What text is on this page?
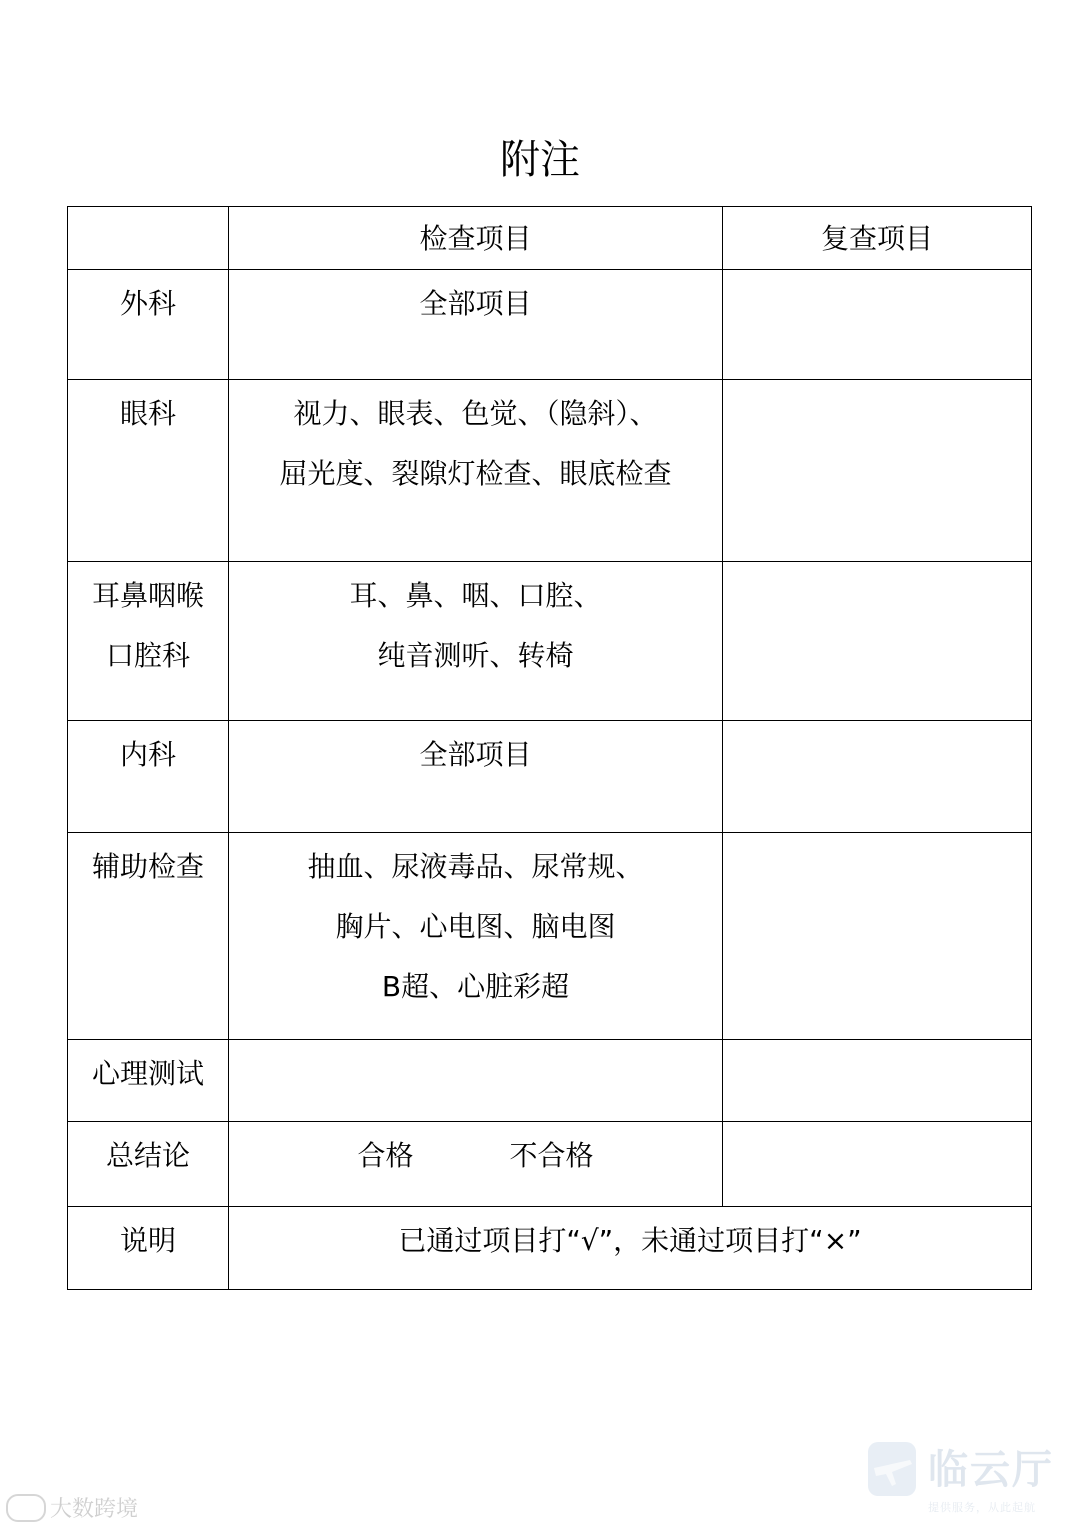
附注

	检查项目	复查项目

外科	全部项目	

眼科	视力、眼表、色觉、（隐斜）、
屈光度、裂隙灯检查、眼底检查	

耳鼻咽喉
口腔科	耳、鼻、咽、口腔、
纯音测听、转椅	

内科	全部项目	

辅助检查	抽血、尿液毒品、尿常规、
胸片、心电图、脑电图
B超、心脏彩超	

心理测试		

总结论	合格 不合格	

说明	已通过项目打“√”，未通过项目打“×”	
大数跨境
临云厅
提供服务，从此起航
